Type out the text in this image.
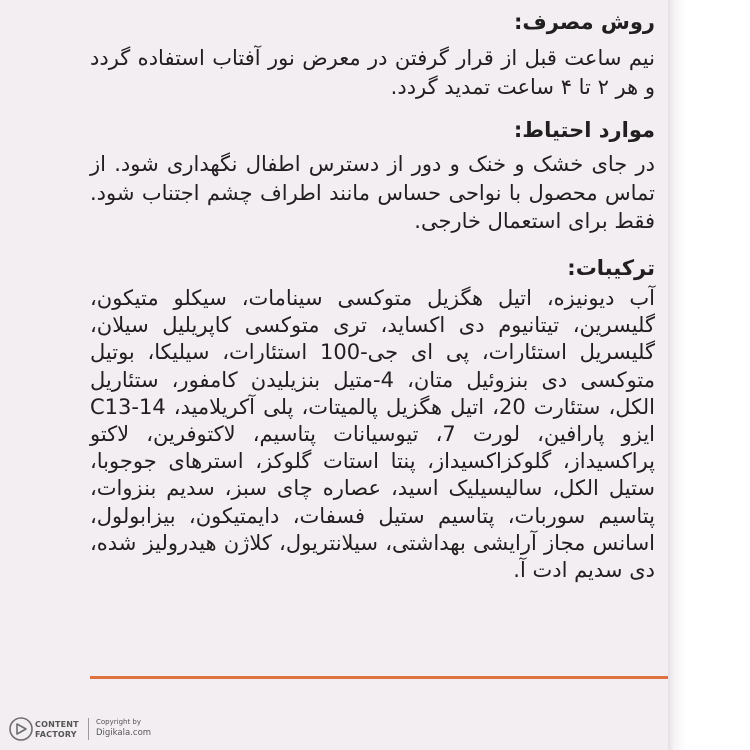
روش مصرف:

نیم ساعت قبل از قرار گرفتن در معرض نور آفتاب استفاده گردد و هر ۲ تا ۴ ساعت تمدید گردد.

موارد احتیاط:

در جای خشک و خنک و دور از دسترس اطفال نگهداری شود. از تماس محصول با نواحی حساس مانند اطراف چشم اجتناب شود. فقط برای استعمال خارجی.

ترکیبات:

آب دیونیزه، اتیل هگزیل متوکسی سینامات، سیکلو متیکون، گلیسرین، تیتانیوم دی اکساید، تری متوکسی کاپریلیل سیلان، گلیسریل استئارات، پی ای جی-100 استئارات، سیلیکا، بوتیل متوکسی دی بنزوئیل متان، 4-متیل بنزیلیدن کامفور، ستئاریل الکل، ستئارت 20، اتیل هگزیل پالمیتات، پلی آکریلامید، C13-14 ایزو پارافین، لورت 7، تیوسیانات پتاسیم، لاکتوفرین، لاکتو پراکسیداز، گلوکزاکسیداز، پنتا استات گلوکز، استرهای جوجوبا، ستیل الکل، سالیسیلیک اسید، عصاره چای سبز، سدیم بنزوات، پتاسیم سوربات، پتاسیم ستیل فسفات، دایمتیکون، بیزابولول، اسانس مجاز آرایشی بهداشتی، سیلانتریول، کلاژن هیدرولیز شده، دی سدیم ادت آ.

CONTENT
FACTORY
Copyright by
Digikala.com
